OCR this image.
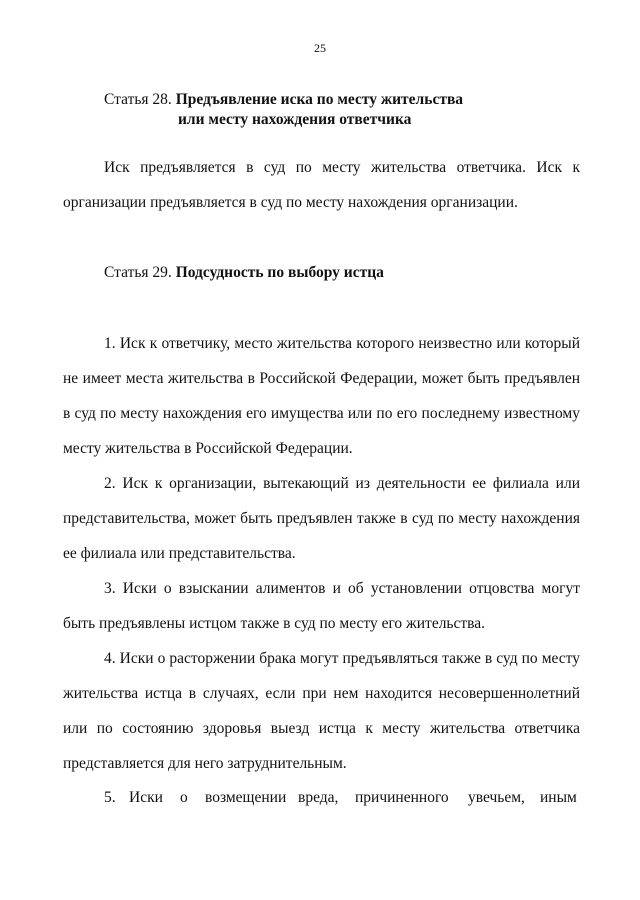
25
Статья 28. Предъявление иска по месту жительства
или месту нахождения ответчика

Иск предъявляется в суд по месту жительства ответчика. Иск к организации предъявляется в суд по месту нахождения организации.

Статья 29. Подсудность по выбору истца

1. Иск к ответчику, место жительства которого неизвестно или который не имеет места жительства в Российской Федерации, может быть предъявлен в суд по месту нахождения его имущества или по его последнему известному месту жительства в Российской Федерации.

2. Иск к организации, вытекающий из деятельности ее филиала или представительства, может быть предъявлен также в суд по месту нахождения ее филиала или представительства.

3. Иски о взыскании алиментов и об установлении отцовства могут быть предъявлены истцом также в суд по месту его жительства.

4. Иски о расторжении брака могут предъявляться также в суд по месту жительства истца в случаях, если при нем находится несовершеннолетний или по состоянию здоровья выезд истца к месту жительства ответчика представляется для него затруднительным.

5. Иски о возмещении вреда, причиненного увечьем, иным
